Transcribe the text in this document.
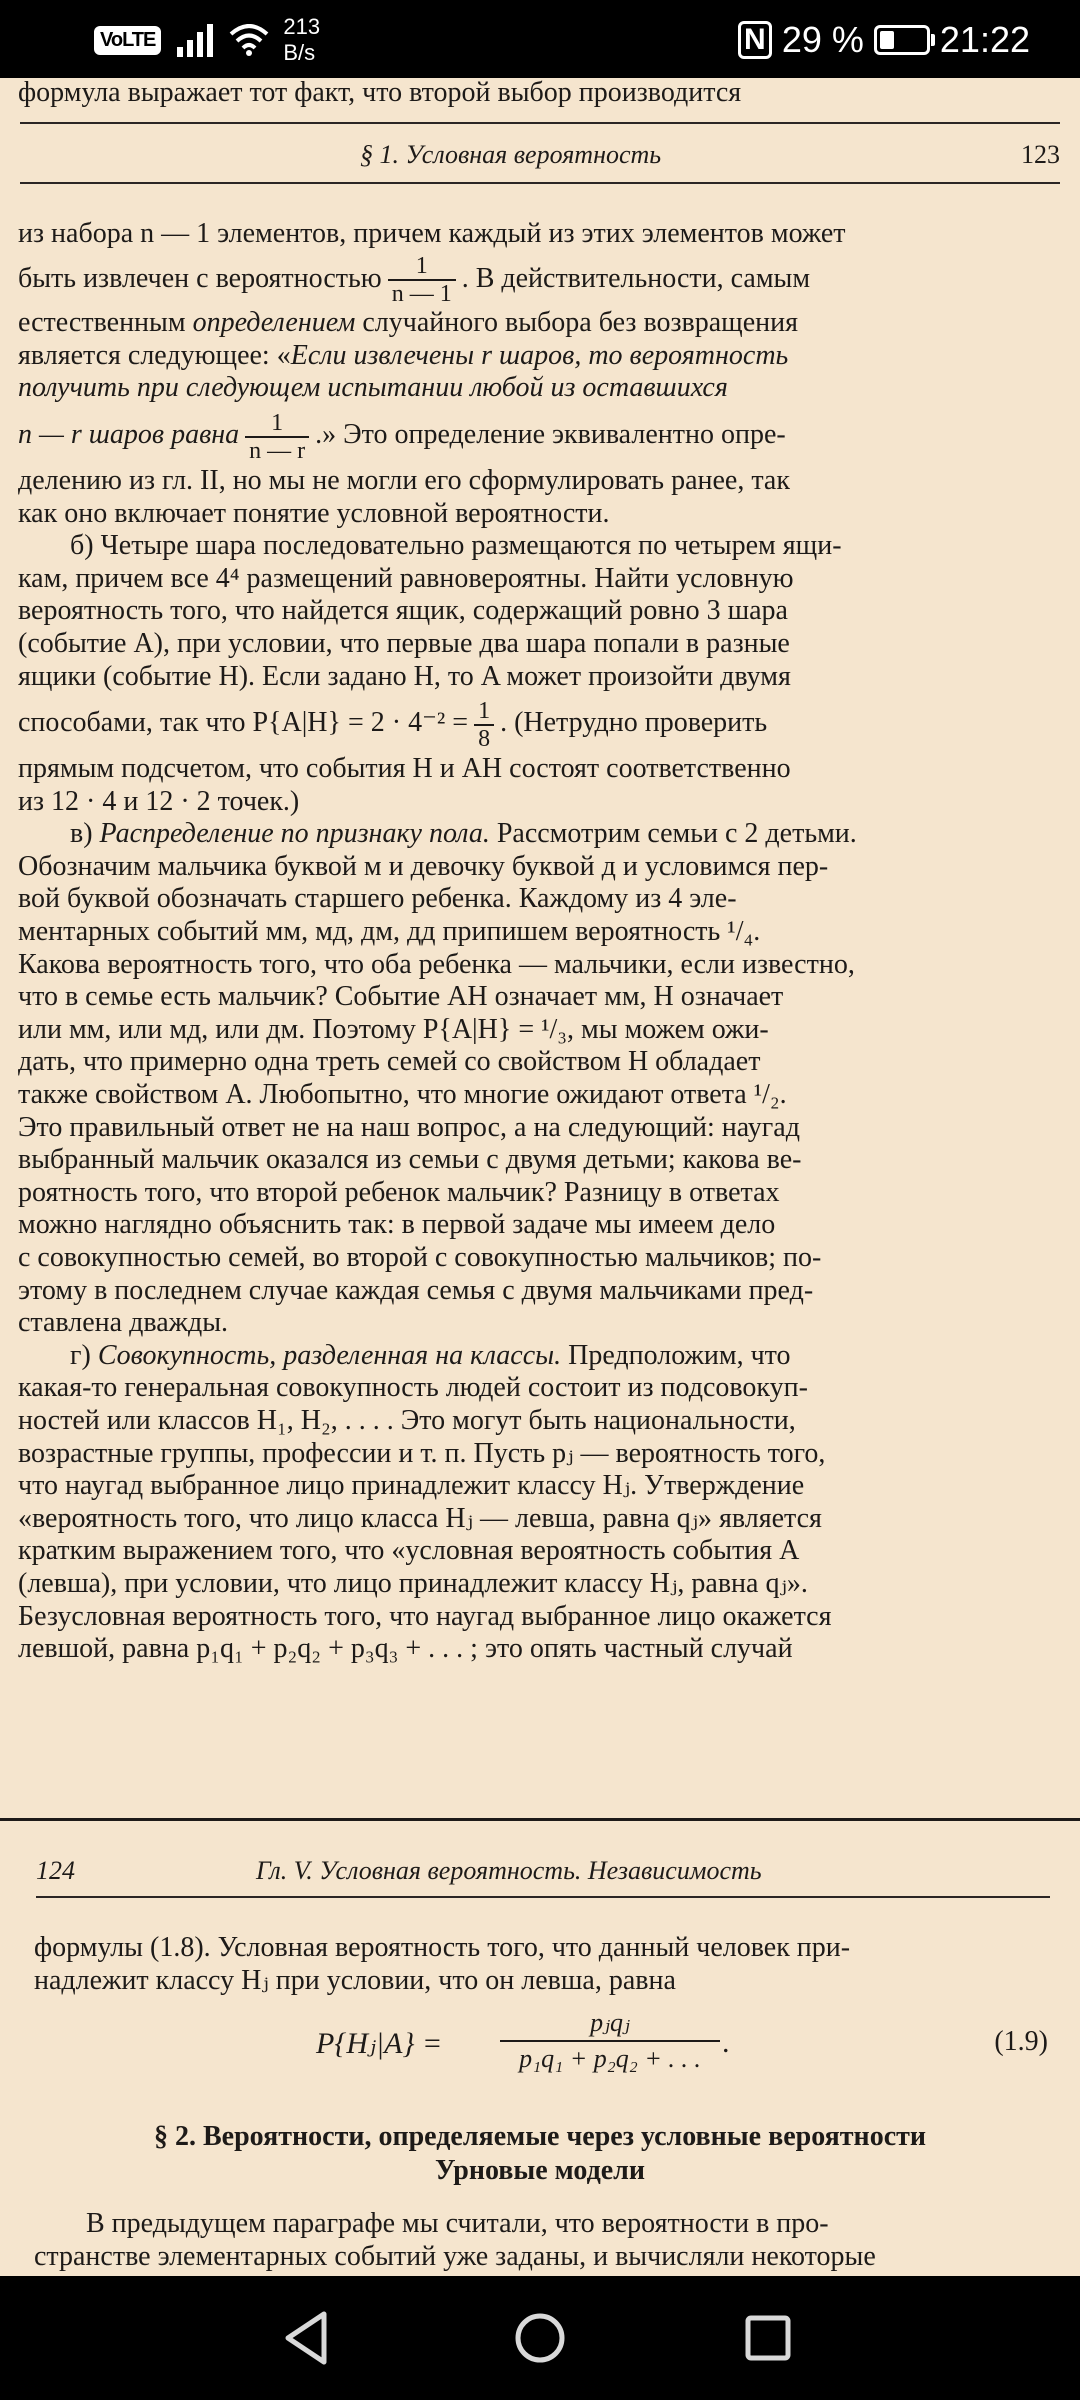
VoLTE
213
B/s	N 29 % 21:22
формула выражает тот факт, что второй выбор производится
§ 1. Условная вероятность	123

из набора n — 1 элементов, причем каждый из этих элементов может

быть извлечен с вероятностью $\frac{1}{n — 1}$ . В действительности, самым

естественным определением случайного выбора без возвращения

является следующее: «Если извлечены r шаров, то вероятность

получить при следующем испытании любой из оставшихся

n — r шаров равна $\frac{1}{n — r}$ .» Это определение эквивалентно опре-

делению из гл. II, но мы не могли его сформулировать ранее, так

как оно включает понятие условной вероятности.

б) Четыре шара последовательно размещаются по четырем ящи-

кам, причем все 4⁴ размещений равновероятны. Найти условную

вероятность того, что найдется ящик, содержащий ровно 3 шара

(событие A), при условии, что первые два шара попали в разные

ящики (событие H). Если задано H, то A может произойти двумя

способами, так что $P\{A|H\} = 2 \cdot 4^{-2} = \frac{1}{8}$ . (Нетрудно проверить

прямым подсчетом, что события H и AH состоят соответственно

из 12 · 4 и 12 · 2 точек.)

в) Распределение по признаку пола. Рассмотрим семьи с 2 детьми.

Обозначим мальчика буквой м и девочку буквой д и условимся пер-

вой буквой обозначать старшего ребенка. Каждому из 4 эле-

ментарных событий мм, мд, дм, дд припишем вероятность ¹/₄.

Какова вероятность того, что оба ребенка — мальчики, если известно,

что в семье есть мальчик? Событие AH означает мм, H означает

или мм, или мд, или дм. Поэтому P{A|H} = ¹/₃, мы можем ожи-

дать, что примерно одна треть семей со свойством H обладает

также свойством A. Любопытно, что многие ожидают ответа ¹/₂.

Это правильный ответ не на наш вопрос, а на следующий: наугад

выбранный мальчик оказался из семьи с двумя детьми; какова ве-

роятность того, что второй ребенок мальчик? Разницу в ответах

можно наглядно объяснить так: в первой задаче мы имеем дело

с совокупностью семей, во второй с совокупностью мальчиков; по-

этому в последнем случае каждая семья с двумя мальчиками пред-

ставлена дважды.

г) Совокупность, разделенная на классы. Предположим, что

какая-то генеральная совокупность людей состоит из подсовокуп-

ностей или классов H₁, H₂, . . . . Это могут быть национальности,

возрастные группы, профессии и т. п. Пусть pⱼ — вероятность того,

что наугад выбранное лицо принадлежит классу Hⱼ. Утверждение

«вероятность того, что лицо класса Hⱼ — левша, равна qⱼ» является

кратким выражением того, что «условная вероятность события A

(левша), при условии, что лицо принадлежит классу Hⱼ, равна qⱼ».

Безусловная вероятность того, что наугад выбранное лицо окажется

левшой, равна p₁q₁ + p₂q₂ + p₃q₃ + . . . ; это опять частный случай

124	Гл. V. Условная вероятность. Независимость

формулы (1.8). Условная вероятность того, что данный человек при-

надлежит классу Hⱼ при условии, что он левша, равна

P{Hⱼ|A} =
pⱼqⱼ
p₁q₁ + p₂q₂ + . . . .	(1.9)
§ 2. Вероятности, определяемые через условные вероятности
Урновые модели

В предыдущем параграфе мы считали, что вероятности в про-

странстве элементарных событий уже заданы, и вычисляли некоторые
